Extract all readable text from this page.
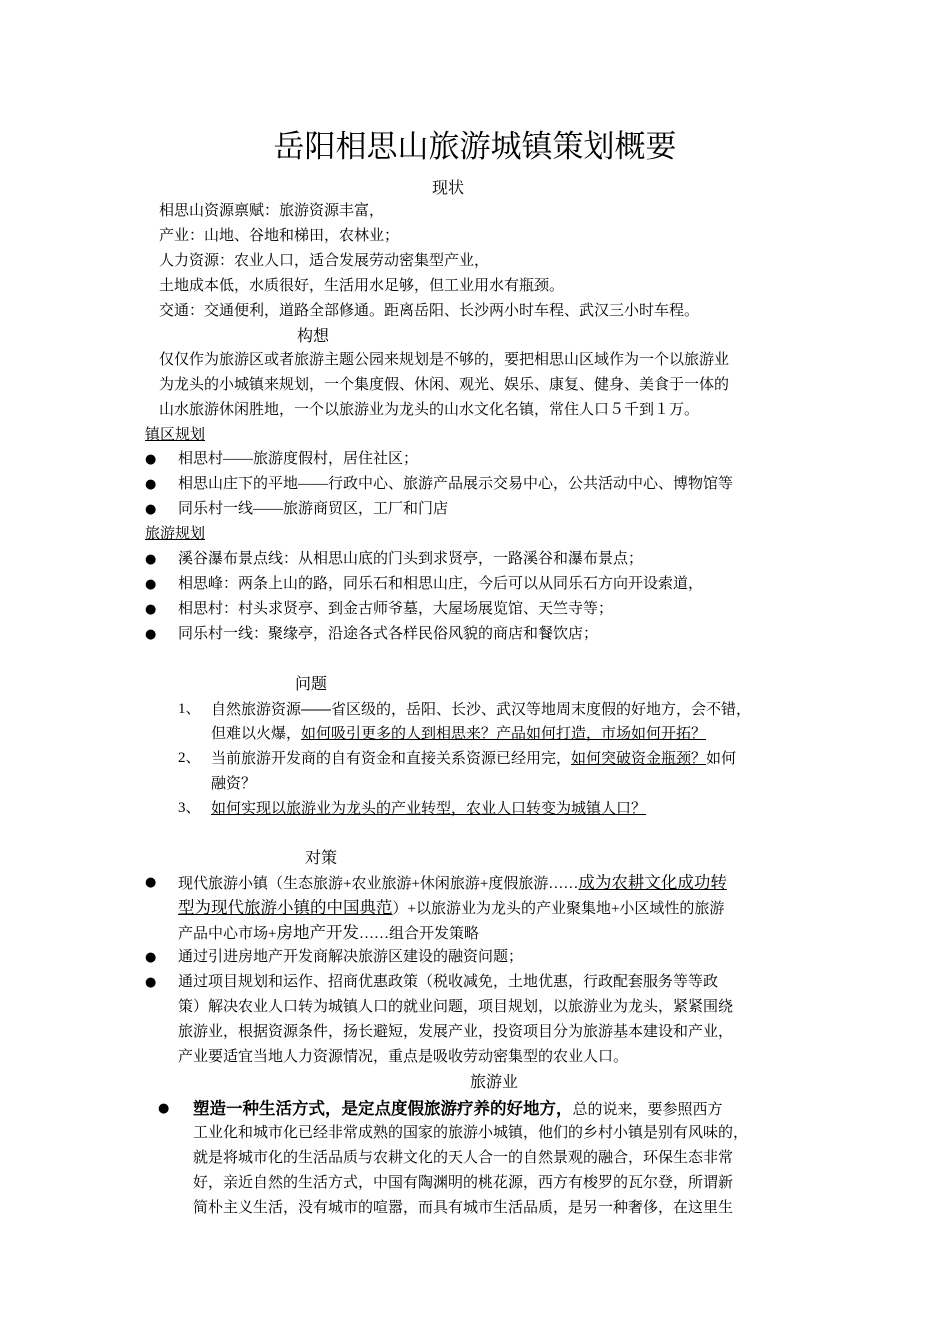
岳阳相思山旅游城镇策划概要
现状
相思山资源禀赋：旅游资源丰富，
产业：山地、谷地和梯田，农林业；
人力资源：农业人口，适合发展劳动密集型产业，
土地成本低，水质很好，生活用水足够，但工业用水有瓶颈。
交通：交通便利，道路全部修通。距离岳阳、长沙两小时车程、武汉三小时车程。
构想
仅仅作为旅游区或者旅游主题公园来规划是不够的，要把相思山区域作为一个以旅游业
为龙头的小城镇来规划，一个集度假、休闲、观光、娱乐、康复、健身、美食于一体的
山水旅游休闲胜地，一个以旅游业为龙头的山水文化名镇，常住人口５千到１万。
镇区规划
● 相思村——旅游度假村，居住社区；
● 相思山庄下的平地——行政中心、旅游产品展示交易中心，公共活动中心、博物馆等
● 同乐村一线——旅游商贸区，工厂和门店
旅游规划
● 溪谷瀑布景点线：从相思山底的门头到求贤亭，一路溪谷和瀑布景点；
● 相思峰：两条上山的路，同乐石和相思山庄，今后可以从同乐石方向开设索道，
● 相思村：村头求贤亭、到金古师爷墓，大屋场展览馆、天竺寺等；
● 同乐村一线：聚缘亭，沿途各式各样民俗风貌的商店和餐饮店；
问题
1、 自然旅游资源——省区级的，岳阳、长沙、武汉等地周末度假的好地方，会不错，
但难以火爆，如何吸引更多的人到相思来？产品如何打造，市场如何开拓？
2、 当前旅游开发商的自有资金和直接关系资源已经用完，如何突破资金瓶颈？如何
融资？
3、 如何实现以旅游业为龙头的产业转型，农业人口转变为城镇人口？
对策
● 现代旅游小镇（生态旅游+农业旅游+休闲旅游+度假旅游……成为农耕文化成功转
型为现代旅游小镇的中国典范）+以旅游业为龙头的产业聚集地+小区域性的旅游
产品中心市场+房地产开发……组合开发策略
● 通过引进房地产开发商解决旅游区建设的融资问题；
● 通过项目规划和运作、招商优惠政策（税收减免，土地优惠，行政配套服务等等政
策）解决农业人口转为城镇人口的就业问题，项目规划，以旅游业为龙头，紧紧围绕
旅游业，根据资源条件，扬长避短，发展产业，投资项目分为旅游基本建设和产业，
产业要适宜当地人力资源情况，重点是吸收劳动密集型的农业人口。
旅游业
● 塑造一种生活方式，是定点度假旅游疗养的好地方，总的说来，要参照西方
工业化和城市化已经非常成熟的国家的旅游小城镇，他们的乡村小镇是别有风味的，
就是将城市化的生活品质与农耕文化的天人合一的自然景观的融合，环保生态非常
好，亲近自然的生活方式，中国有陶渊明的桃花源，西方有梭罗的瓦尔登，所谓新
简朴主义生活，没有城市的喧嚣，而具有城市生活品质，是另一种奢侈，在这里生
